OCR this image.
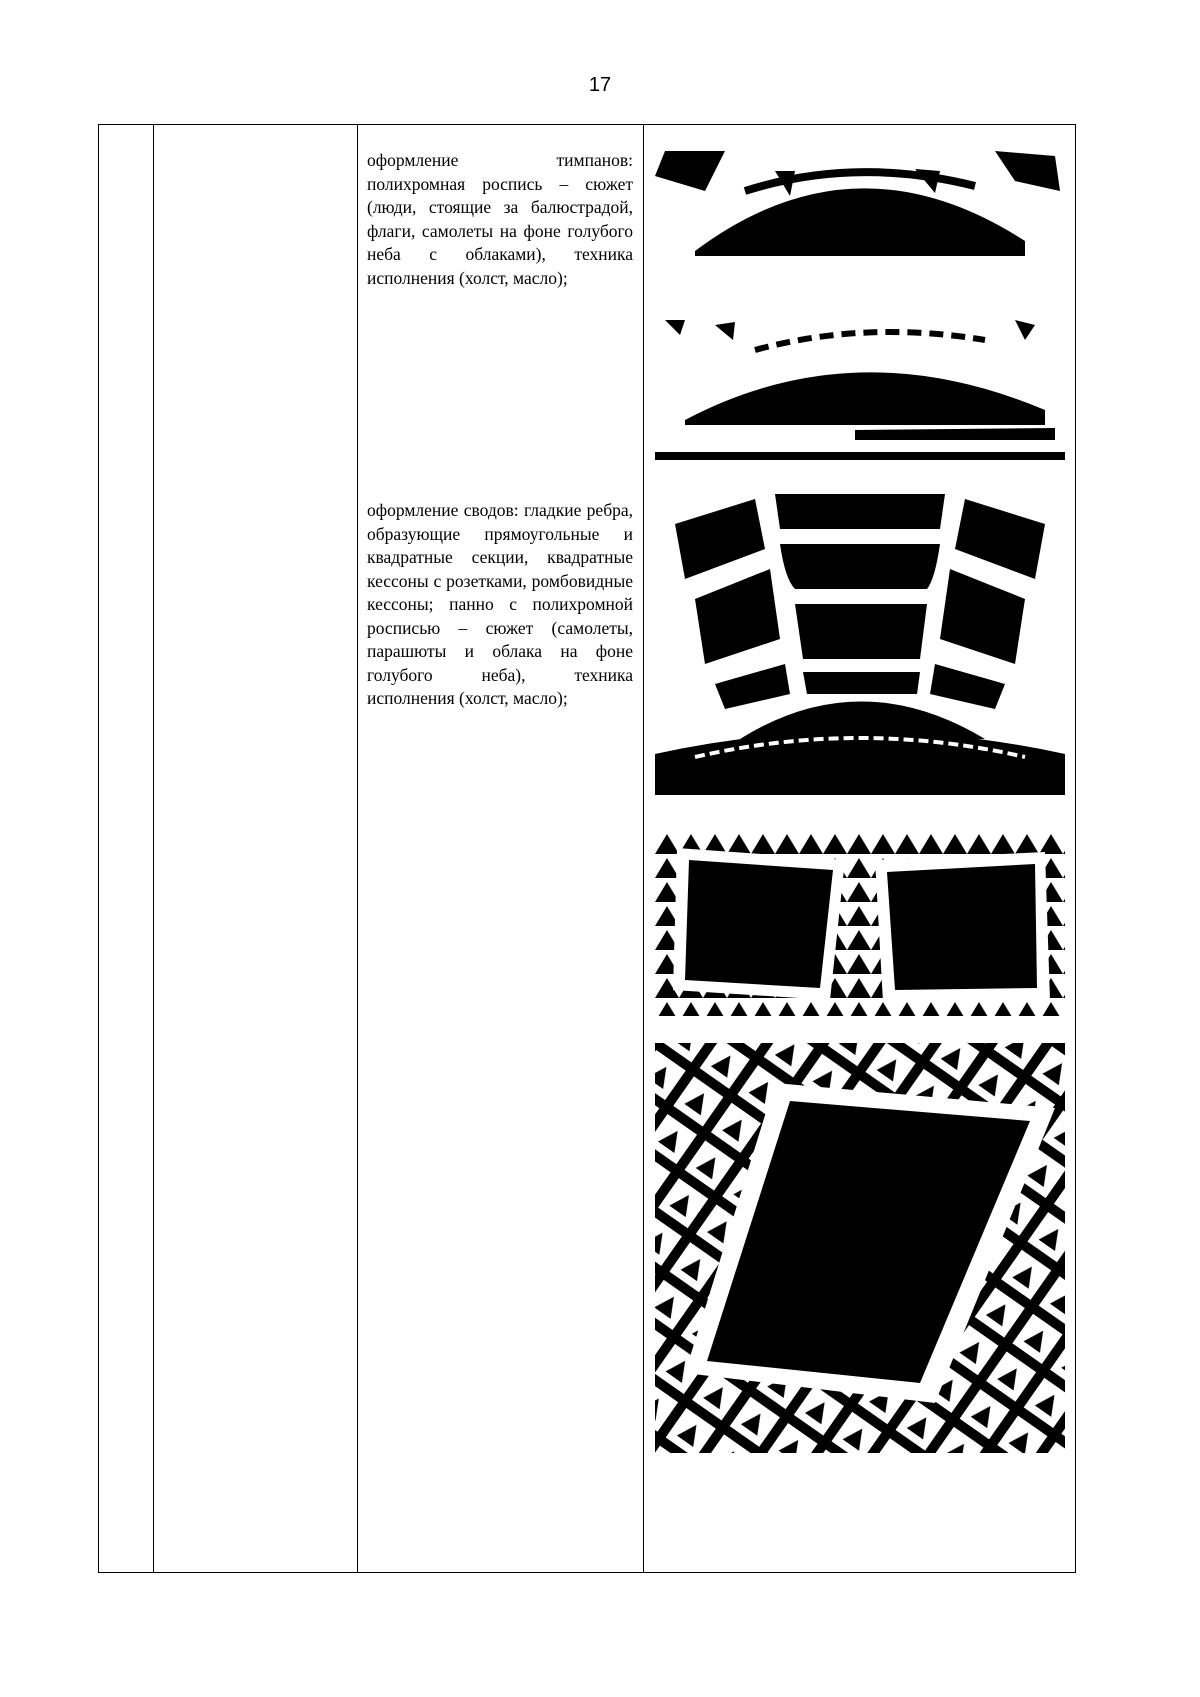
17
оформление тимпанов: полихромная роспись – сюжет (люди, стоящие за балюстрадой, флаги, самолеты на фоне голубого неба с облаками), техника исполнения (холст, масло);
оформление сводов: гладкие ребра, образующие прямоугольные и квадратные секции, квадратные кессоны с розетками, ромбовидные кессоны; панно с полихромной росписью – сюжет (самолеты, парашюты и облака на фоне голубого неба), техника исполнения (холст, масло);
